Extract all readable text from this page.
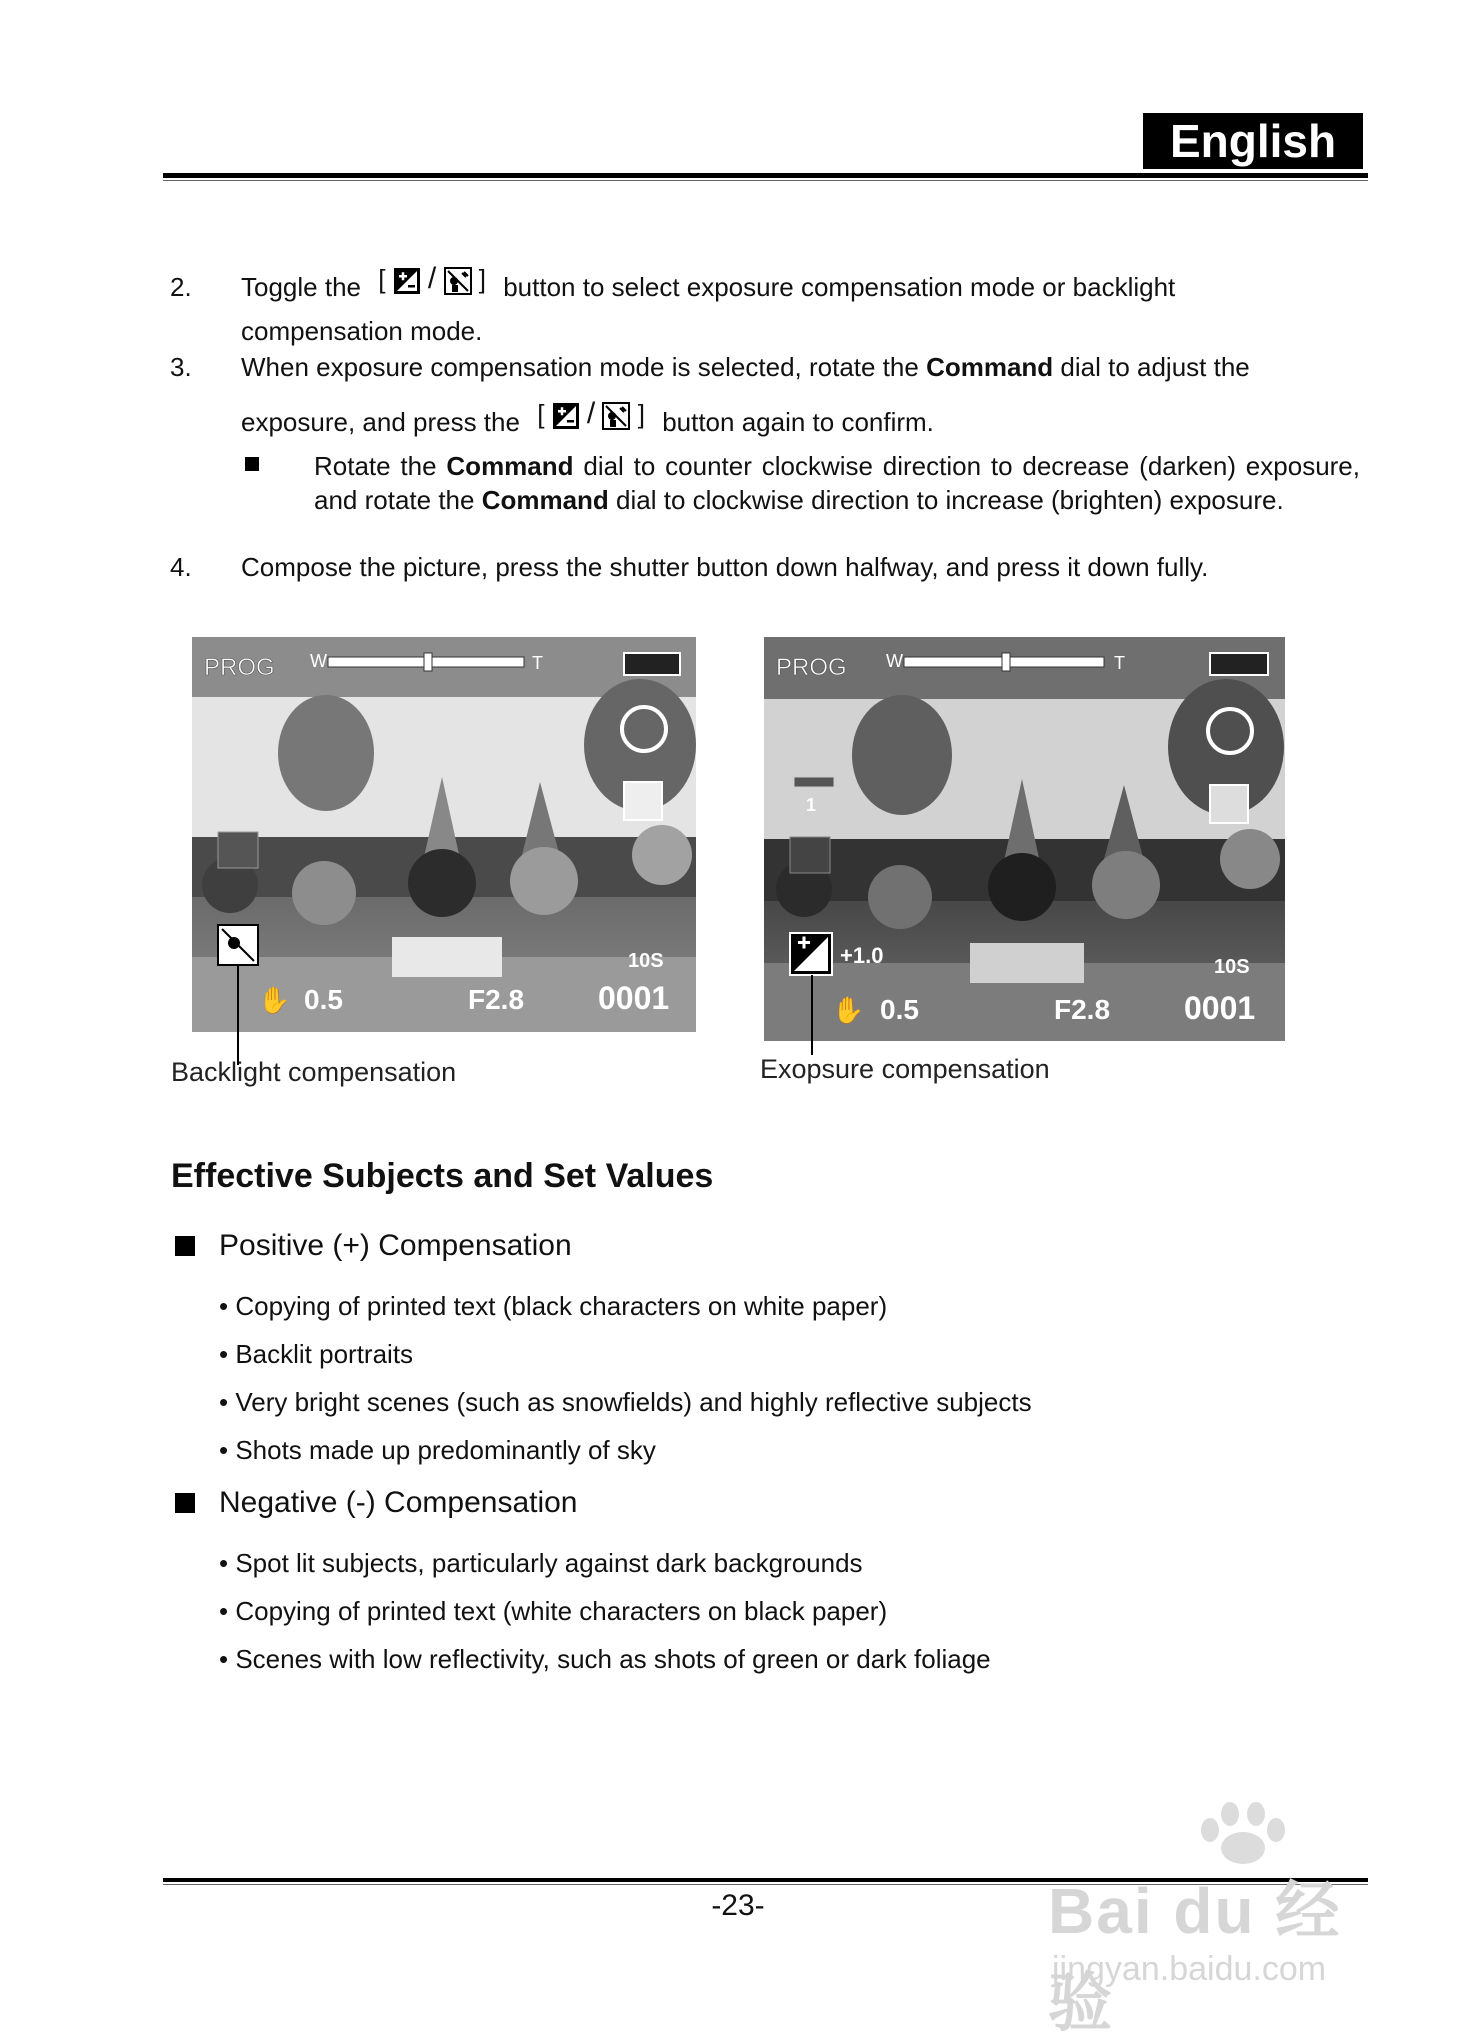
English
2. Toggle the [ / ] button to select exposure compensation mode or backlight
compensation mode.
3. When exposure compensation mode is selected, rotate the Command dial to adjust the
exposure, and press the [ / ] button again to confirm.
Rotate the Command dial to counter clockwise direction to decrease (darken) exposure, and rotate the Command dial to clockwise direction to increase (brighten) exposure.
4. Compose the picture, press the shutter button down halfway, and press it down fully.
PROG W	T
✋ 0.5	F2.8
10S
0001
Backlight compensation
PROG W	T
1
+1.0
✋ 0.5	F2.8
10S
0001
Exopsure compensation
Effective Subjects and Set Values
Positive (+) Compensation
• Copying of printed text (black characters on white paper)
• Backlit portraits
• Very bright scenes (such as snowfields) and highly reflective subjects
• Shots made up predominantly of sky
Negative (-) Compensation
• Spot lit subjects, particularly against dark backgrounds
• Copying of printed text (white characters on black paper)
• Scenes with low reflectivity, such as shots of green or dark foliage
-23-	Bai du 经验
jingyan.baidu.com
